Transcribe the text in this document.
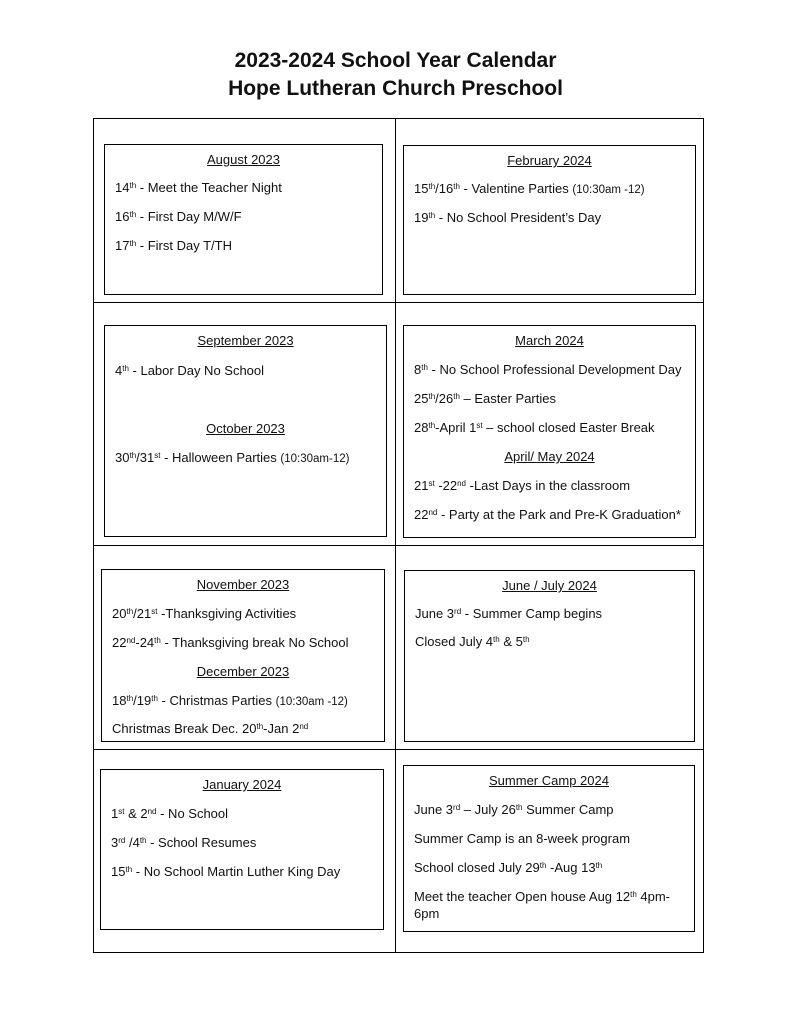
2023-2024 School Year Calendar
Hope Lutheran Church Preschool
August 2023
14th - Meet the Teacher Night
16th - First Day M/W/F
17th - First Day T/TH
February 2024
15th/16th - Valentine Parties (10:30am -12)
19th - No School President’s Day
September 2023
4th - Labor Day No School
October 2023
30th/31st - Halloween Parties (10:30am-12)
March 2024
8th - No School Professional Development Day
25th/26th – Easter Parties
28th-April 1st – school closed Easter Break
April/ May 2024
21st -22nd -Last Days in the classroom
22nd - Party at the Park and Pre-K Graduation*
November 2023
20th/21st -Thanksgiving Activities
22nd-24th - Thanksgiving break No School
December 2023
18th/19th - Christmas Parties (10:30am -12)
Christmas Break Dec. 20th-Jan 2nd
June / July 2024
June 3rd - Summer Camp begins
Closed July 4th & 5th
January 2024
1st & 2nd - No School
3rd /4th - School Resumes
15th - No School Martin Luther King Day
Summer Camp 2024
June 3rd – July 26th Summer Camp
Summer Camp is an 8-week program
School closed July 29th -Aug 13th
Meet the teacher Open house Aug 12th 4pm-6pm
